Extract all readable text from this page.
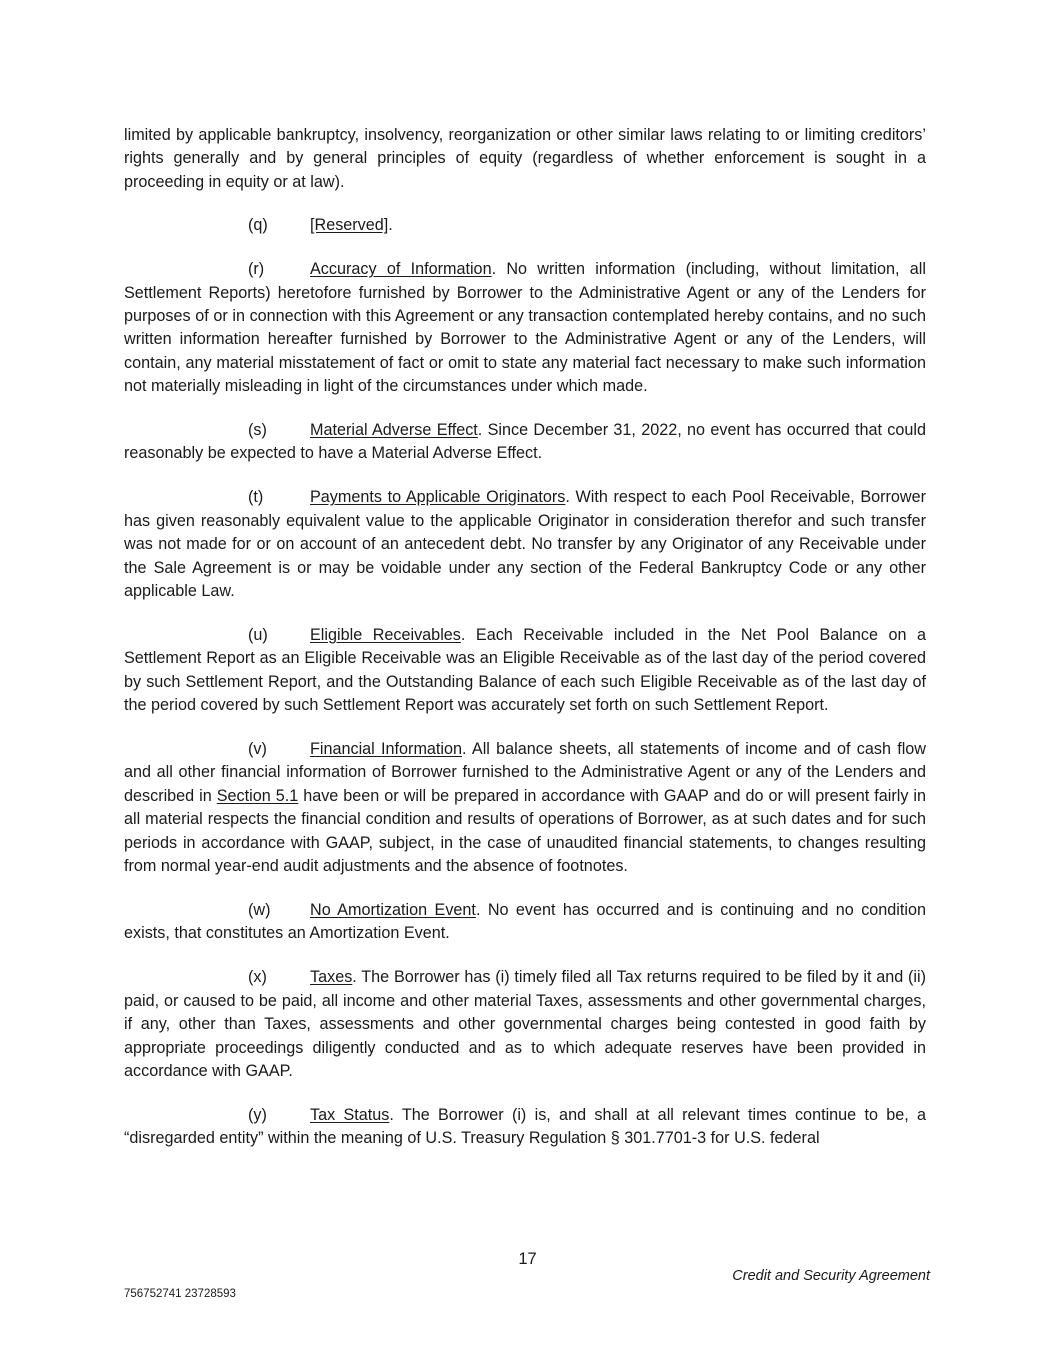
limited by applicable bankruptcy, insolvency, reorganization or other similar laws relating to or limiting creditors’ rights generally and by general principles of equity (regardless of whether enforcement is sought in a proceeding in equity or at law).

(q)	[Reserved].

(r)	Accuracy of Information. No written information (including, without limitation, all Settlement Reports) heretofore furnished by Borrower to the Administrative Agent or any of the Lenders for purposes of or in connection with this Agreement or any transaction contemplated hereby contains, and no such written information hereafter furnished by Borrower to the Administrative Agent or any of the Lenders, will contain, any material misstatement of fact or omit to state any material fact necessary to make such information not materially misleading in light of the circumstances under which made.

(s)	Material Adverse Effect. Since December 31, 2022, no event has occurred that could reasonably be expected to have a Material Adverse Effect.

(t)	Payments to Applicable Originators. With respect to each Pool Receivable, Borrower has given reasonably equivalent value to the applicable Originator in consideration therefor and such transfer was not made for or on account of an antecedent debt. No transfer by any Originator of any Receivable under the Sale Agreement is or may be voidable under any section of the Federal Bankruptcy Code or any other applicable Law.

(u)	Eligible Receivables. Each Receivable included in the Net Pool Balance on a Settlement Report as an Eligible Receivable was an Eligible Receivable as of the last day of the period covered by such Settlement Report, and the Outstanding Balance of each such Eligible Receivable as of the last day of the period covered by such Settlement Report was accurately set forth on such Settlement Report.

(v)	Financial Information. All balance sheets, all statements of income and of cash flow and all other financial information of Borrower furnished to the Administrative Agent or any of the Lenders and described in Section 5.1 have been or will be prepared in accordance with GAAP and do or will present fairly in all material respects the financial condition and results of operations of Borrower, as at such dates and for such periods in accordance with GAAP, subject, in the case of unaudited financial statements, to changes resulting from normal year-end audit adjustments and the absence of footnotes.

(w) No Amortization Event. No event has occurred and is continuing and no condition exists, that constitutes an Amortization Event.

(x)	Taxes. The Borrower has (i) timely filed all Tax returns required to be filed by it and (ii) paid, or caused to be paid, all income and other material Taxes, assessments and other governmental charges, if any, other than Taxes, assessments and other governmental charges being contested in good faith by appropriate proceedings diligently conducted and as to which adequate reserves have been provided in accordance with GAAP.

(y)	Tax Status. The Borrower (i) is, and shall at all relevant times continue to be, a “disregarded entity” within the meaning of U.S. Treasury Regulation § 301.7701-3 for U.S. federal

17
Credit and Security Agreement
756752741 23728593
